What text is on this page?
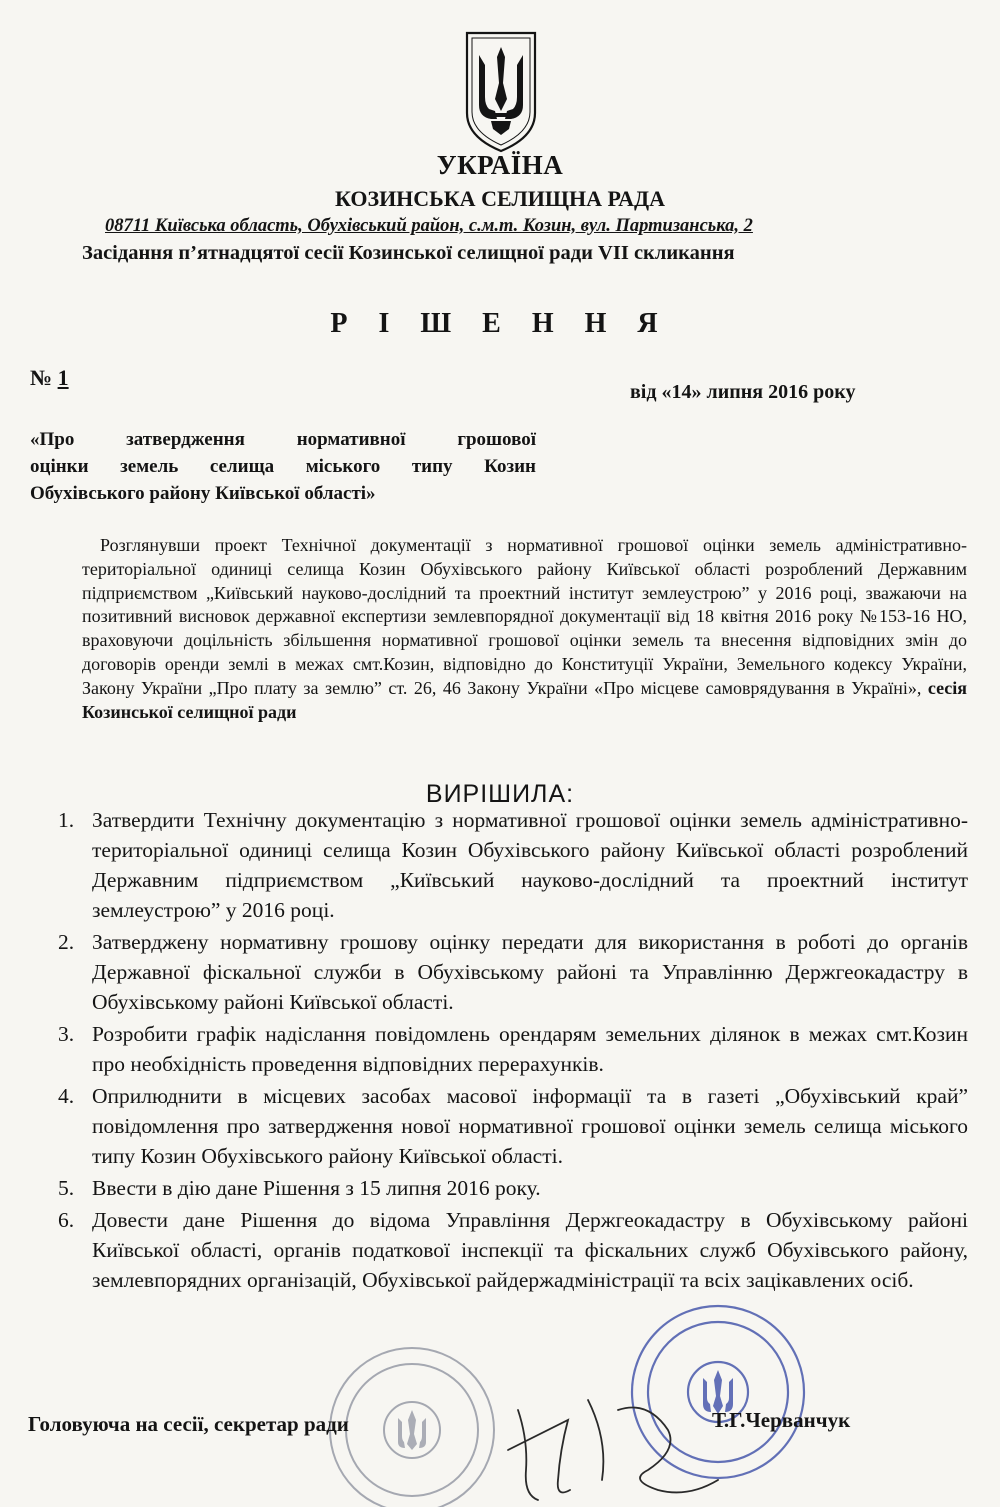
УКРАЇНА
КОЗИНСЬКА СЕЛИЩНА РАДА
08711 Київська область, Обухівський район, с.м.т. Козин, вул. Партизанська, 2
Засідання п’ятнадцятої сесії Козинської селищної ради VII скликання
Р І Ш Е Н Н Я
№ 1
від «14» липня 2016 року
«Про затвердження нормативної грошової
оцінки земель селища міського типу Козин
Обухівського району Київської області»
Розглянувши проект Технічної документації з нормативної грошової оцінки земель адміністративно-територіальної одиниці селища Козин Обухівського району Київської області розроблений Державним підприємством „Київський науково-дослідний та проектний інститут землеустрою” у 2016 році, зважаючи на позитивний висновок державної експертизи землевпорядної документації від 18 квітня 2016 року №153-16 НО, враховуючи доцільність збільшення нормативної грошової оцінки земель та внесення відповідних змін до договорів оренди землі в межах смт.Козин, відповідно до Конституції України, Земельного кодексу України, Закону України „Про плату за землю” ст. 26, 46 Закону України «Про місцеве самоврядування в Україні», сесія Козинської селищної ради
ВИРІШИЛА:
1. Затвердити Технічну документацію з нормативної грошової оцінки земель адміністративно-територіальної одиниці селища Козин Обухівського району Київської області розроблений Державним підприємством „Київський науково-дослідний та проектний інститут землеустрою” у 2016 році.
2. Затверджену нормативну грошову оцінку передати для використання в роботі до органів Державної фіскальної служби в Обухівському районі та Управлінню Держгеокадастру в Обухівському районі Київської області.
3. Розробити графік надіслання повідомлень орендарям земельних ділянок в межах смт.Козин про необхідність проведення відповідних перерахунків.
4. Оприлюднити в місцевих засобах масової інформації та в газеті „Обухівський край” повідомлення про затвердження нової нормативної грошової оцінки земель селища міського типу Козин Обухівського району Київської області.
5. Ввести в дію дане Рішення з 15 липня 2016 року.
6. Довести дане Рішення до відома Управління Держгеокадастру в Обухівському районі Київської області, органів податкової інспекції та фіскальних служб Обухівського району, землевпорядних організацій, Обухівської райдержадміністрації та всіх зацікавлених осіб.
Головуюча на сесії, секретар ради	Т.Г.Черванчук
